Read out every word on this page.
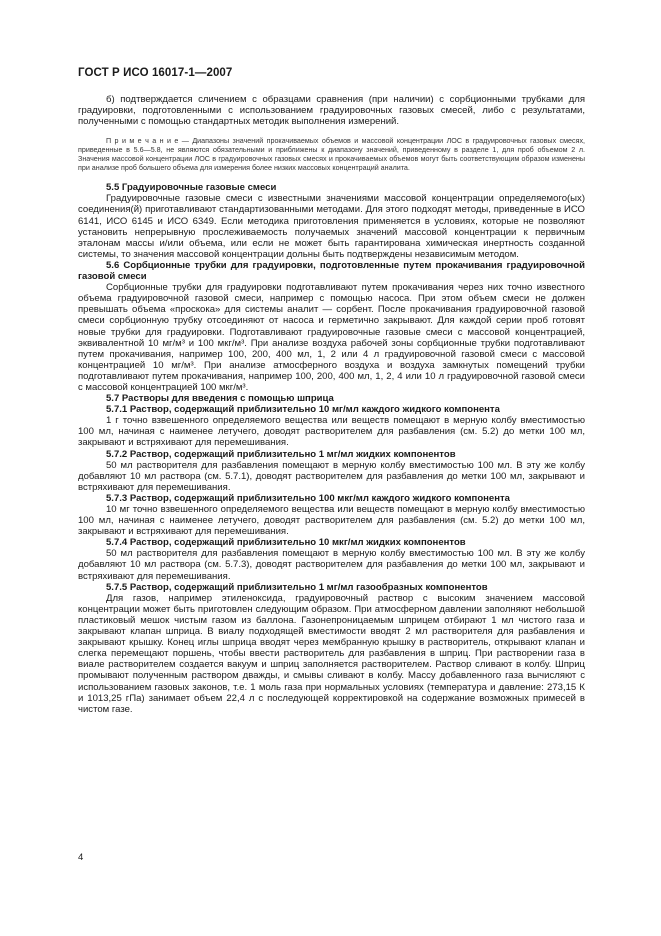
ГОСТ Р ИСО 16017-1—2007

б) подтверждается сличением с образцами сравнения (при наличии) с сорбционными трубками для градуировки, подготовленными с использованием градуировочных газовых смесей, либо с результатами, полученными с помощью стандартных методик выполнения измерений.

П р и м е ч а н и е — Диапазоны значений прокачиваемых объемов и массовой концентрации ЛОС в градуировочных газовых смесях, приведенные в 5.6—5.8, не являются обязательными и приближены к диапазону значений, приведенному в разделе 1, для проб объемом 2 л. Значения массовой концентрации ЛОС в градуировочных газовых смесях и прокачиваемых объемов могут быть соответствующим образом изменены при анализе проб большего объема для измерения более низких массовых концентраций аналита.

5.5 Градуировочные газовые смеси

Градуировочные газовые смеси с известными значениями массовой концентрации определяемого(ых) соединения(й) приготавливают стандартизованными методами. Для этого подходят методы, приведенные в ИСО 6141, ИСО 6145 и ИСО 6349. Если методика приготовления применяется в условиях, которые не позволяют установить непрерывную прослеживаемость получаемых значений массовой концентрации к первичным эталонам массы и/или объема, или если не может быть гарантирована химическая инертность созданной системы, то значения массовой концентрации дольны быть подтверждены независимым методом.

5.6 Сорбционные трубки для градуировки, подготовленные путем прокачивания градуировочной газовой смеси

Сорбционные трубки для градуировки подготавливают путем прокачивания через них точно известного объема градуировочной газовой смеси, например с помощью насоса. При этом объем смеси не должен превышать объема «проскока» для системы аналит — сорбент. После прокачивания градуировочной газовой смеси сорбционную трубку отсоединяют от насоса и герметично закрывают. Для каждой серии проб готовят новые трубки для градуировки. Подготавливают градуировочные газовые смеси с массовой концентрацией, эквивалентной 10 мг/м³ и 100 мкг/м³. При анализе воздуха рабочей зоны сорбционные трубки подготавливают путем прокачивания, например 100, 200, 400 мл, 1, 2 или 4 л градуировочной газовой смеси с массовой концентрацией 10 мг/м³. При анализе атмосферного воздуха и воздуха замкнутых помещений трубки подготавливают путем прокачивания, например 100, 200, 400 мл, 1, 2, 4 или 10 л градуировочной газовой смеси с массовой концентрацией 100 мкг/м³.

5.7 Растворы для введения с помощью шприца

5.7.1 Раствор, содержащий приблизительно 10 мг/мл каждого жидкого компонента

1 г точно взвешенного определяемого вещества или веществ помещают в мерную колбу вместимостью 100 мл, начиная с наименее летучего, доводят растворителем для разбавления (см. 5.2) до метки 100 мл, закрывают и встряхивают для перемешивания.

5.7.2 Раствор, содержащий приблизительно 1 мг/мл жидких компонентов

50 мл растворителя для разбавления помещают в мерную колбу вместимостью 100 мл. В эту же колбу добавляют 10 мл раствора (см. 5.7.1), доводят растворителем для разбавления до метки 100 мл, закрывают и встряхивают для перемешивания.

5.7.3 Раствор, содержащий приблизительно 100 мкг/мл каждого жидкого компонента

10 мг точно взвешенного определяемого вещества или веществ помещают в мерную колбу вместимостью 100 мл, начиная с наименее летучего, доводят растворителем для разбавления (см. 5.2) до метки 100 мл, закрывают и встряхивают для перемешивания.

5.7.4 Раствор, содержащий приблизительно 10 мкг/мл жидких компонентов

50 мл растворителя для разбавления помещают в мерную колбу вместимостью 100 мл. В эту же колбу добавляют 10 мл раствора (см. 5.7.3), доводят растворителем для разбавления до метки 100 мл, закрывают и встряхивают для перемешивания.

5.7.5 Раствор, содержащий приблизительно 1 мг/мл газообразных компонентов

Для газов, например этиленоксида, градуировочный раствор с высоким значением массовой концентрации может быть приготовлен следующим образом. При атмосферном давлении заполняют небольшой пластиковый мешок чистым газом из баллона. Газонепроницаемым шприцем отбирают 1 мл чистого газа и закрывают клапан шприца. В виалу подходящей вместимости вводят 2 мл растворителя для разбавления и закрывают крышку. Конец иглы шприца вводят через мембранную крышку в растворитель, открывают клапан и слегка перемещают поршень, чтобы ввести растворитель для разбавления в шприц. При растворении газа в виале растворителем создается вакуум и шприц заполняется растворителем. Раствор сливают в колбу. Шприц промывают полученным раствором дважды, и смывы сливают в колбу. Массу добавленного газа вычисляют с использованием газовых законов, т.е. 1 моль газа при нормальных условиях (температура и давление: 273,15 К и 1013,25 гПа) занимает объем 22,4 л с последующей корректировкой на содержание возможных примесей в чистом газе.

4
